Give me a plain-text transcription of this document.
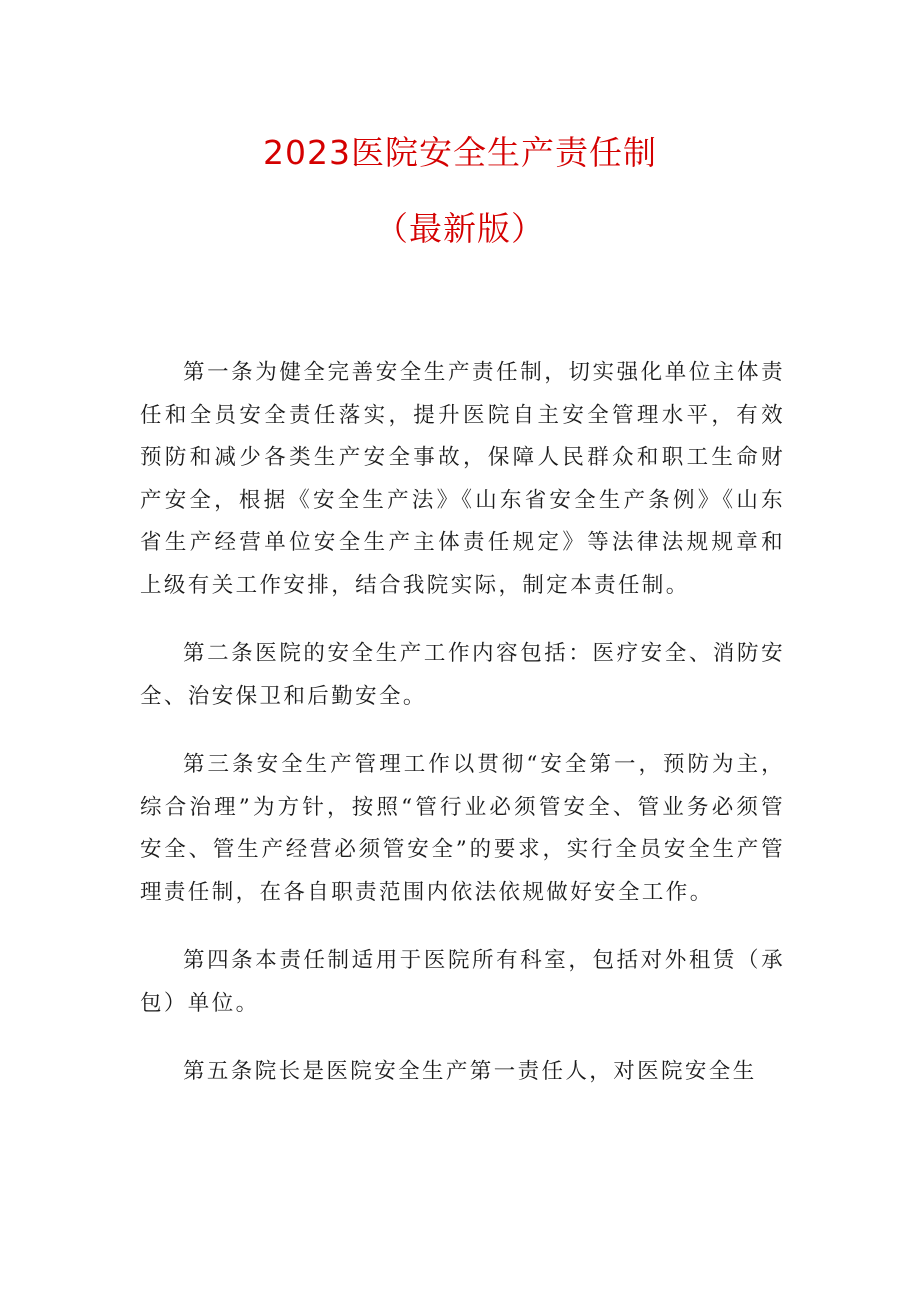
2023医院安全生产责任制
（最新版）

第一条为健全完善安全生产责任制，切实强化单位主体责任和全员安全责任落实，提升医院自主安全管理水平，有效预防和减少各类生产安全事故，保障人民群众和职工生命财产安全，根据《安全生产法》《山东省安全生产条例》《山东省生产经营单位安全生产主体责任规定》等法律法规规章和上级有关工作安排，结合我院实际，制定本责任制。

第二条医院的安全生产工作内容包括：医疗安全、消防安全、治安保卫和后勤安全。

第三条安全生产管理工作以贯彻“安全第一，预防为主，综合治理”为方针，按照“管行业必须管安全、管业务必须管安全、管生产经营必须管安全”的要求，实行全员安全生产管理责任制，在各自职责范围内依法依规做好安全工作。

第四条本责任制适用于医院所有科室，包括对外租赁（承包）单位。

第五条院长是医院安全生产第一责任人，对医院安全生
